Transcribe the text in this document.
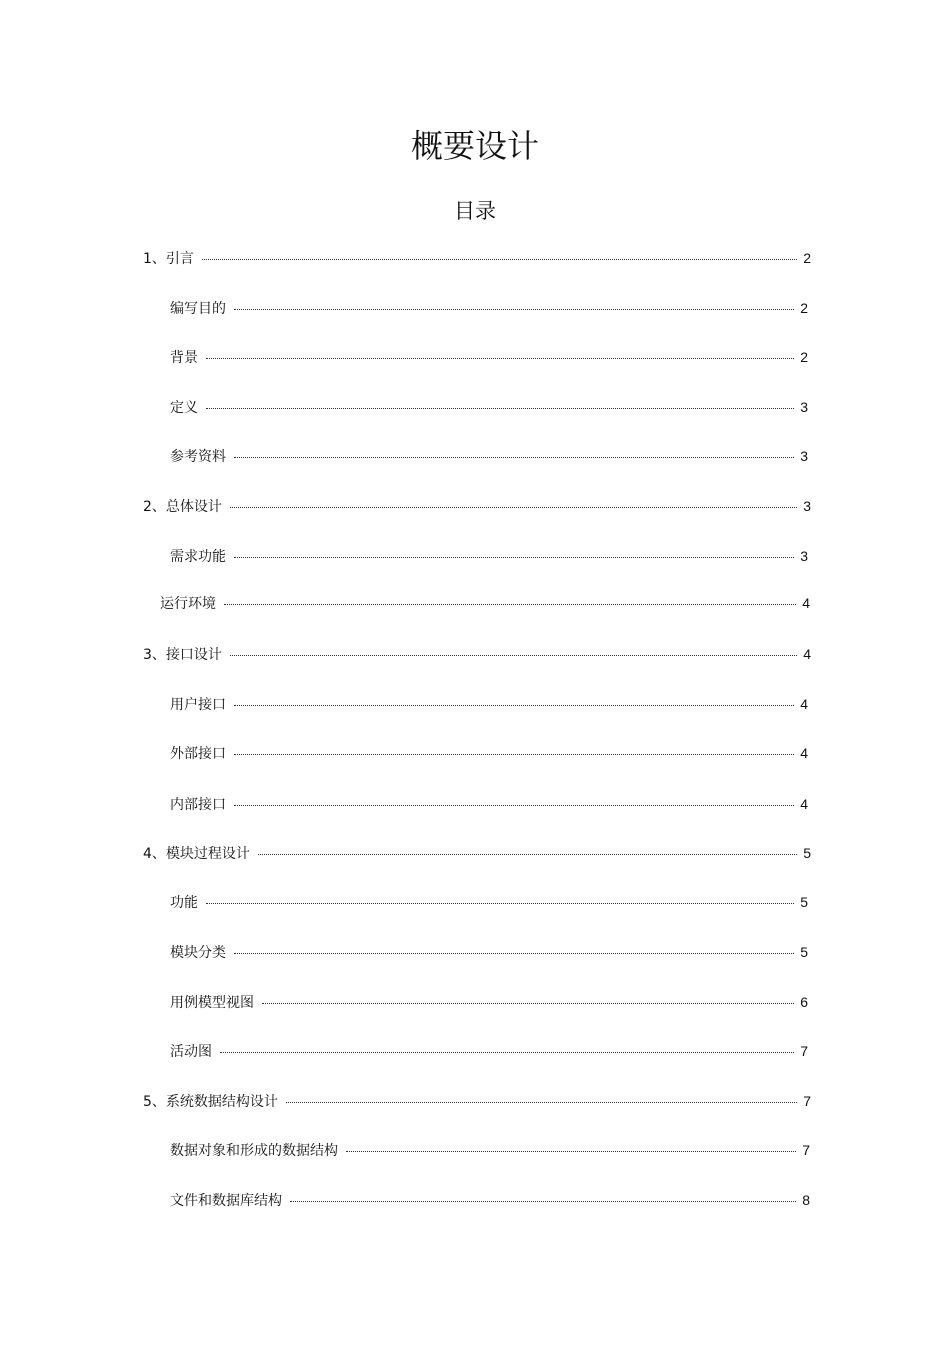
概要设计
目录
1、引言	2
编写目的	2
背景	2
定义	3
参考资料	3
2、总体设计	3
需求功能	3
运行环境	4
3、接口设计	4
用户接口	4
外部接口	4
内部接口	4
4、模块过程设计	5
功能	5
模块分类	5
用例模型视图	6
活动图	7
5、系统数据结构设计	7
数据对象和形成的数据结构	7
文件和数据库结构	8
